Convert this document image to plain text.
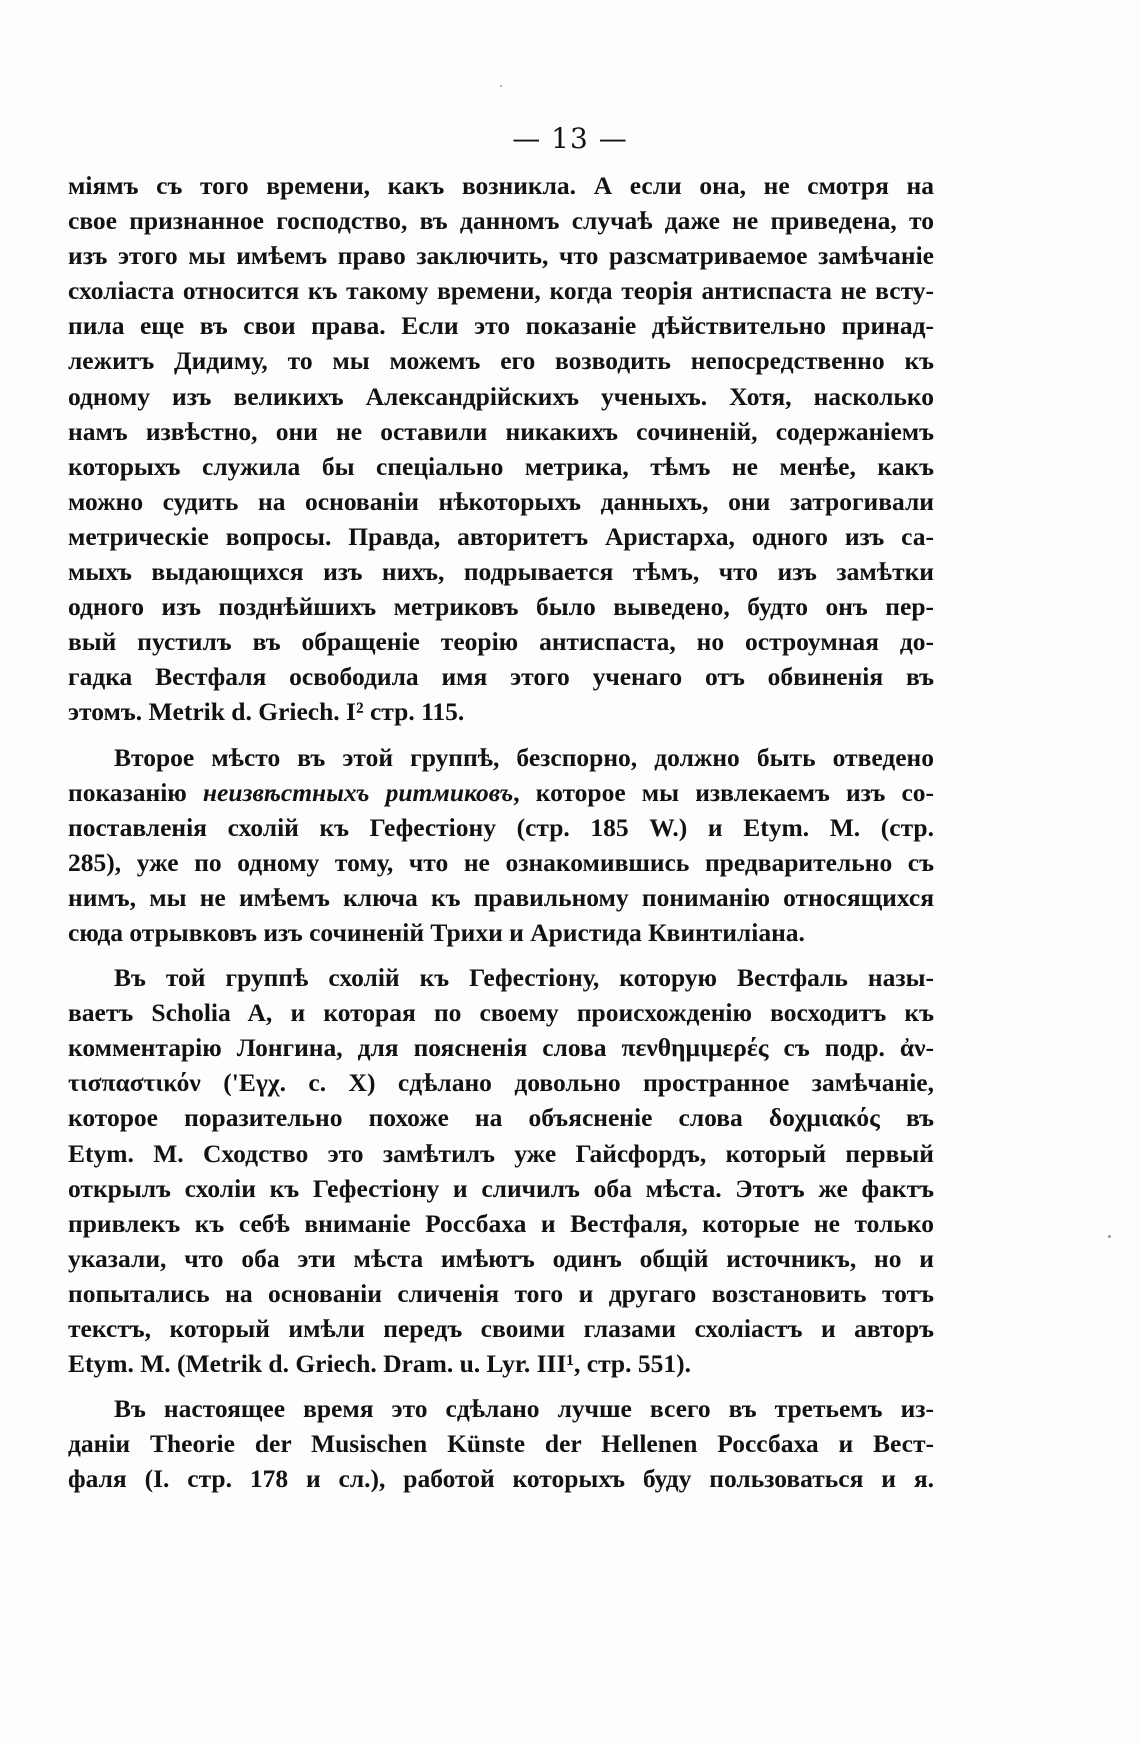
— 13 —

міямъ съ того времени, какъ возникла. А если она, не смотря на

свое признанное господство, въ данномъ случаѣ даже не приведена, то

изъ этого мы имѣемъ право заключить, что разсматриваемое замѣчаніе

схоліаста относится къ такому времени, когда теорія антиспаста не всту-

пила еще въ свои права. Если это показаніе дѣйствительно принад-

лежитъ Дидиму, то мы можемъ его возводить непосредственно къ

одному изъ великихъ Александрійскихъ ученыхъ. Хотя, насколько

намъ извѣстно, они не оставили никакихъ сочиненій, содержаніемъ

которыхъ служила бы спеціально метрика, тѣмъ не менѣе, какъ

можно судить на основаніи нѣкоторыхъ данныхъ, они затрогивали

метрическіе вопросы. Правда, авторитетъ Аристарха, одного изъ са-

мыхъ выдающихся изъ нихъ, подрывается тѣмъ, что изъ замѣтки

одного изъ позднѣйшихъ метриковъ было выведено, будто онъ пер-

вый пустилъ въ обращеніе теорію антиспаста, но остроумная до-

гадка Вестфаля освободила имя этого ученаго отъ обвиненія въ

этомъ. Metrik d. Griech. I² стр. 115.

Второе мѣсто въ этой группѣ, безспорно, должно быть отведено

показанію неизвѣстныхъ ритмиковъ, которое мы извлекаемъ изъ со-

поставленія схолій къ Гефестіону (стр. 185 W.) и Etym. M. (стр.

285), уже по одному тому, что не ознакомившись предварительно съ

нимъ, мы не имѣемъ ключа къ правильному пониманію относящихся

сюда отрывковъ изъ сочиненій Трихи и Аристида Квинтиліана.

Въ той группѣ схолій къ Гефестіону, которую Вестфаль назы-

ваетъ Scholia A, и которая по своему происхожденію восходитъ къ

комментарію Лонгина, для поясненія слова πενθημιμερές съ подр. ἀν-

τισπαστικόν ('Εγχ. c. X) сдѣлано довольно пространное замѣчаніе,

которое поразительно похоже на объясненіе слова δοχμιακός въ

Etym. M. Сходство это замѣтилъ уже Гайсфордъ, который первый

открылъ схоліи къ Гефестіону и сличилъ оба мѣста. Этотъ же фактъ

привлекъ къ себѣ вниманіе Россбаха и Вестфаля, которые не только

указали, что оба эти мѣста имѣютъ одинъ общій источникъ, но и

попытались на основаніи сличенія того и другаго возстановить тотъ

текстъ, который имѣли передъ своими глазами схоліастъ и авторъ

Etym. M. (Metrik d. Griech. Dram. u. Lyr. III¹, стр. 551).

Въ настоящее время это сдѣлано лучше всего въ третьемъ из-

даніи Theorie der Musischen Künste der Hellenen Россбаха и Вест-

фаля (I. стр. 178 и сл.), работой которыхъ буду пользоваться и я.
